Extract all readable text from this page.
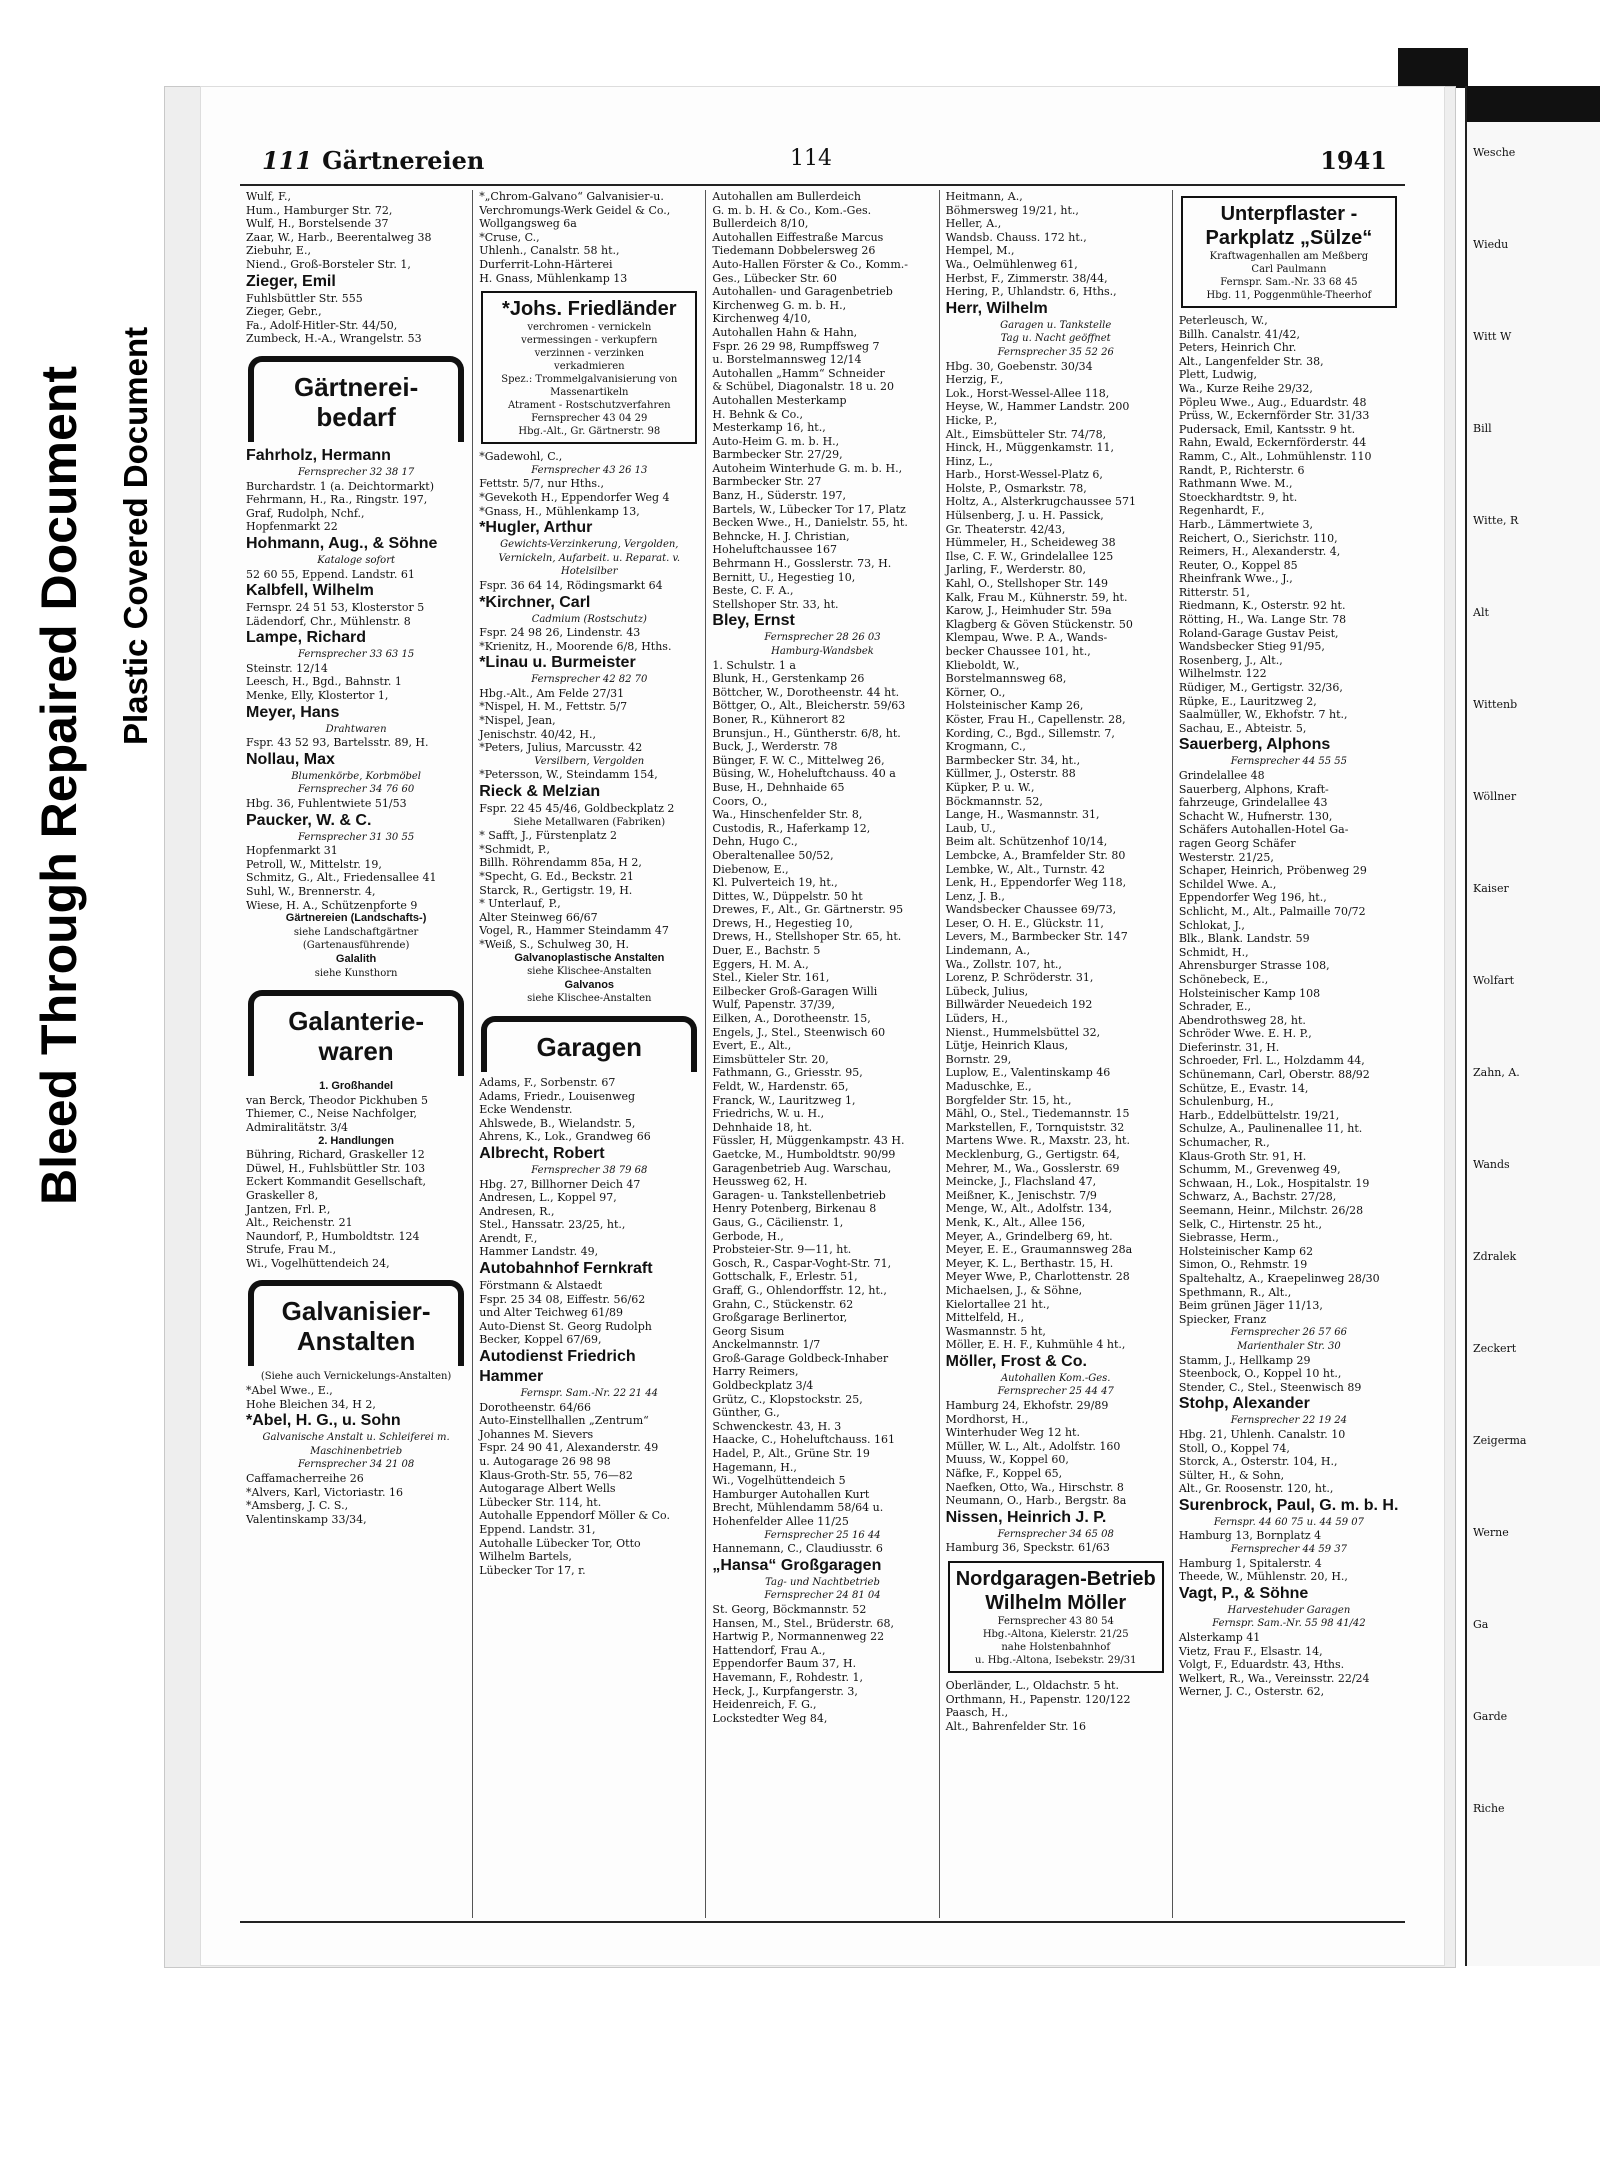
Bleed Through Repaired Document Plastic Covered Document
111 Gärtnereien	114	1941

Wulf, F.,

Hum., Hamburger Str. 72,

Wulf, H., Borstelsende 37

Zaar, W., Harb., Beerentalweg 38

Ziebuhr, E.,

Niend., Groß-Borsteler Str. 1,

Zieger, Emil

Fuhlsbüttler Str. 555

Zieger, Gebr.,

Fa., Adolf-Hitler-Str. 44/50,

Zumbeck, H.-A., Wrangelstr. 53

Gärtnerei-bedarf

Fahrholz, Hermann

Fernsprecher 32 38 17

Burchardstr. 1 (a. Deichtormarkt)

Fehrmann, H., Ra., Ringstr. 197,

Graf, Rudolph, Nchf.,

Hopfenmarkt 22

Hohmann, Aug., & Söhne

Kataloge sofort

52 60 55, Eppend. Landstr. 61

Kalbfell, Wilhelm

Fernspr. 24 51 53, Klosterstor 5

Lädendorf, Chr., Mühlenstr. 8

Lampe, Richard

Fernsprecher 33 63 15

Steinstr. 12/14

Leesch, H., Bgd., Bahnstr. 1

Menke, Elly, Klostertor 1,

Meyer, Hans

Drahtwaren

Fspr. 43 52 93, Bartelsstr. 89, H.

Nollau, Max

Blumenkörbe, Korbmöbel

Fernsprecher 34 76 60

Hbg. 36, Fuhlentwiete 51/53

Paucker, W. & C.

Fernsprecher 31 30 55

Hopfenmarkt 31

Petroll, W., Mittelstr. 19,

Schmitz, G., Alt., Friedensallee 41

Suhl, W., Brennerstr. 4,

Wiese, H. A., Schützenpforte 9

Gärtnereien (Landschafts-)

siehe Landschaftgärtner (Gartenausführende)

Galalith

siehe Kunsthorn

Galanterie-waren

1. Großhandel

van Berck, Theodor Pickhuben 5

Thiemer, C., Neise Nachfolger,

Admiralitätstr. 3/4

2. Handlungen

Bühring, Richard, Graskeller 12

Düwel, H., Fuhlsbüttler Str. 103

Eckert Kommandit Gesellschaft,

Graskeller 8,

Jantzen, Frl. P.,

Alt., Reichenstr. 21

Naundorf, P., Humboldtstr. 124

Strufe, Frau M.,

Wi., Vogelhüttendeich 24,

Galvanisier-Anstalten

(Siehe auch Vernickelungs-Anstalten)

*Abel Wwe., E.,

Hohe Bleichen 34, H 2,

*Abel, H. G., u. Sohn

Galvanische Anstalt u. Schleiferei m. Maschinenbetrieb

Fernsprecher 34 21 08

Caffamacherreihe 26

*Alvers, Karl, Victoriastr. 16

*Amsberg, J. C. S.,

Valentinskamp 33/34,

*„Chrom-Galvano“ Galvanisier-u. Verchromungs-Werk Geidel & Co., Wollgangsweg 6a

*Cruse, C.,

Uhlenh., Canalstr. 58 ht.,

Durferrit-Lohn-Härterei

H. Gnass, Mühlenkamp 13

*Johs. Friedländer
verchromen - vernickeln
vermessingen - verkupfern
verzinnen - verzinken
verkadmieren
Spez.: Trommelgalvanisierung von Massenartikeln
Atrament - Rostschutzverfahren
Fernsprecher 43 04 29
Hbg.-Alt., Gr. Gärtnerstr. 98

*Gadewohl, C.,

Fernsprecher 43 26 13

Fettstr. 5/7, nur Hths.,

*Gevekoth H., Eppendorfer Weg 4

*Gnass, H., Mühlenkamp 13,

*Hugler, Arthur

Gewichts-Verzinkerung, Vergolden, Vernickeln, Aufarbeit. u. Reparat. v. Hotelsilber

Fspr. 36 64 14, Rödingsmarkt 64

*Kirchner, Carl

Cadmium (Rostschutz)

Fspr. 24 98 26, Lindenstr. 43

*Krienitz, H., Moorende 6/8, Hths.

*Linau u. Burmeister

Fernsprecher 42 82 70

Hbg.-Alt., Am Felde 27/31

*Nispel, H. M., Fettstr. 5/7

*Nispel, Jean,

Jenischstr. 40/42, H.,

*Peters, Julius, Marcusstr. 42

Versilbern, Vergolden

*Petersson, W., Steindamm 154,

Rieck & Melzian

Fspr. 22 45 45/46, Goldbeckplatz 2

Siehe Metallwaren (Fabriken)

* Safft, J., Fürstenplatz 2

*Schmidt, P.,

Billh. Röhrendamm 85a, H 2,

*Specht, G. Ed., Beckstr. 21

Starck, R., Gertigstr. 19, H.

* Unterlauf, P.,

Alter Steinweg 66/67

Vogel, R., Hammer Steindamm 47

*Weiß, S., Schulweg 30, H.

Galvanoplastische Anstalten

siehe Klischee-Anstalten

Galvanos

siehe Klischee-Anstalten

Garagen

Adams, F., Sorbenstr. 67

Adams, Friedr., Louisenweg

Ecke Wendenstr.

Ahlswede, B., Wielandstr. 5,

Ahrens, K., Lok., Grandweg 66

Albrecht, Robert

Fernsprecher 38 79 68

Hbg. 27, Billhorner Deich 47

Andresen, L., Koppel 97,

Andresen, R.,

Stel., Hanssatr. 23/25, ht.,

Arendt, F.,

Hammer Landstr. 49,

Autobahnhof Fernkraft

Förstmann & Alstaedt

Fspr. 25 34 08, Eiffestr. 56/62

und Alter Teichweg 61/89

Auto-Dienst St. Georg Rudolph

Becker, Koppel 67/69,

Autodienst Friedrich Hammer

Fernspr. Sam.-Nr. 22 21 44

Dorotheenstr. 64/66

Auto-Einstellhallen „Zentrum“

Johannes M. Sievers

Fspr. 24 90 41, Alexanderstr. 49

u. Autogarage 26 98 98

Klaus-Groth-Str. 55, 76—82

Autogarage Albert Wells

Lübecker Str. 114, ht.

Autohalle Eppendorf Möller & Co.

Eppend. Landstr. 31,

Autohalle Lübecker Tor, Otto

Wilhelm Bartels,

Lübecker Tor 17, r.

Autohallen am Bullerdeich

G. m. b. H. & Co., Kom.-Ges.

Bullerdeich 8/10,

Autohallen Eiffestraße Marcus

Tiedemann Dobbelersweg 26

Auto-Hallen Förster & Co., Komm.-Ges., Lübecker Str. 60

Autohallen- und Garagenbetrieb

Kirchenweg G. m. b. H.,

Kirchenweg 4/10,

Autohallen Hahn & Hahn,

Fspr. 26 29 98, Rumpffsweg 7

u. Borstelmannsweg 12/14

Autohallen „Hamm“ Schneider

& Schübel, Diagonalstr. 18 u. 20

Autohallen Mesterkamp

H. Behnk & Co.,

Mesterkamp 16, ht.,

Auto-Heim G. m. b. H.,

Barmbecker Str. 27/29,

Autoheim Winterhude G. m. b. H.,

Barmbecker Str. 27

Banz, H., Süderstr. 197,

Bartels, W., Lübecker Tor 17, Platz

Becken Wwe., H., Danielstr. 55, ht.

Behncke, H. J. Christian,

Hoheluftchaussee 167

Behrmann H., Gosslerstr. 73, H.

Bernitt, U., Hegestieg 10,

Beste, C. F. A.,

Stellshoper Str. 33, ht.

Bley, Ernst

Fernsprecher 28 26 03

Hamburg-Wandsbek

1. Schulstr. 1 a

Blunk, H., Gerstenkamp 26

Böttcher, W., Dorotheenstr. 44 ht.

Böttger, O., Alt., Bleicherstr. 59/63

Boner, R., Kühnerort 82

Brunsjun., H., Güntherstr. 6/8, ht.

Buck, J., Werderstr. 78

Bünger, F. W. C., Mittelweg 26,

Büsing, W., Hoheluftchauss. 40 a

Buse, H., Dehnhaide 65

Coors, O.,

Wa., Hinschenfelder Str. 8,

Custodis, R., Haferkamp 12,

Dehn, Hugo C.,

Oberaltenallee 50/52,

Diebenow, E.,

Kl. Pulverteich 19, ht.,

Dittes, W., Düppelstr. 50 ht

Drewes, F., Alt., Gr. Gärtnerstr. 95

Drews, H., Hegestieg 10,

Drews, H., Stellshoper Str. 65, ht.

Duer, E., Bachstr. 5

Eggers, H. M. A.,

Stel., Kieler Str. 161,

Eilbecker Groß-Garagen Willi

Wulf, Papenstr. 37/39,

Eilken, A., Dorotheenstr. 15,

Engels, J., Stel., Steenwisch 60

Evert, E., Alt.,

Eimsbütteler Str. 20,

Fathmann, G., Griesstr. 95,

Feldt, W., Hardenstr. 65,

Franck, W., Lauritzweg 1,

Friedrichs, W. u. H.,

Dehnhaide 18, ht.

Füssler, H, Müggenkampstr. 43 H.

Gaetcke, M., Humboldtstr. 90/99

Garagenbetrieb Aug. Warschau,

Heussweg 62, H.

Garagen- u. Tankstellenbetrieb

Henry Potenberg, Birkenau 8

Gaus, G., Cäcilienstr. 1,

Gerbode, H.,

Probsteier-Str. 9—11, ht.

Gosch, R., Caspar-Voght-Str. 71,

Gottschalk, F., Erlestr. 51,

Graff, G., Ohlendorffstr. 12, ht.,

Grahn, C., Stückenstr. 62

Großgarage Berlinertor,

Georg Sisum

Anckelmannstr. 1/7

Groß-Garage Goldbeck-Inhaber

Harry Reimers,

Goldbeckplatz 3/4

Grütz, C., Klopstockstr. 25,

Günther, G.,

Schwenckestr. 43, H. 3

Haacke, C., Hoheluftchauss. 161

Hadel, P., Alt., Grüne Str. 19

Hagemann, H.,

Wi., Vogelhüttendeich 5

Hamburger Autohallen Kurt

Brecht, Mühlendamm 58/64 u.

Hohenfelder Allee 11/25

Fernsprecher 25 16 44

Hannemann, C., Claudiusstr. 6

„Hansa“ Großgaragen

Tag- und Nachtbetrieb

Fernsprecher 24 81 04

St. Georg, Böckmannstr. 52

Hansen, M., Stel., Brüderstr. 68,

Hartwig P., Normannenweg 22

Hattendorf, Frau A.,

Eppendorfer Baum 37, H.

Havemann, F., Rohdestr. 1,

Heck, J., Kurpfangerstr. 3,

Heidenreich, F. G.,

Lockstedter Weg 84,

Heitmann, A.,

Böhmersweg 19/21, ht.,

Heller, A.,

Wandsb. Chauss. 172 ht.,

Hempel, M.,

Wa., Oelmühlenweg 61,

Herbst, F., Zimmerstr. 38/44,

Hering, P., Uhlandstr. 6, Hths.,

Herr, Wilhelm

Garagen u. Tankstelle

Tag u. Nacht geöffnet

Fernsprecher 35 52 26

Hbg. 30, Goebenstr. 30/34

Herzig, F.,

Lok., Horst-Wessel-Allee 118,

Heyse, W., Hammer Landstr. 200

Hicke, P.,

Alt., Eimsbütteler Str. 74/78,

Hinck, H., Müggenkamstr. 11,

Hinz, L.,

Harb., Horst-Wessel-Platz 6,

Holste, P., Osmarkstr. 78,

Holtz, A., Alsterkrugchaussee 571

Hülsenberg, J. u. H. Passick,

Gr. Theaterstr. 42/43,

Hümmeler, H., Scheideweg 38

Ilse, C. F. W., Grindelallee 125

Jarling, F., Werderstr. 80,

Kahl, O., Stellshoper Str. 149

Kalk, Frau M., Kühnerstr. 59, ht.

Karow, J., Heimhuder Str. 59a

Klagberg & Göven Stückenstr. 50

Klempau, Wwe. P. A., Wands-

becker Chaussee 101, ht.,

Klieboldt, W.,

Borstelmannsweg 68,

Körner, O.,

Holsteinischer Kamp 26,

Köster, Frau H., Capellenstr. 28,

Kording, C., Bgd., Sillemstr. 7,

Krogmann, C.,

Barmbecker Str. 34, ht.,

Küllmer, J., Osterstr. 88

Küpker, P. u. W.,

Böckmannstr. 52,

Lange, H., Wasmannstr. 31,

Laub, U.,

Beim alt. Schützenhof 10/14,

Lembcke, A., Bramfelder Str. 80

Lembke, W., Alt., Turnstr. 42

Lenk, H., Eppendorfer Weg 118,

Lenz, J. B.,

Wandsbecker Chaussee 69/73,

Leser, O. H. E., Glückstr. 11,

Levers, M., Barmbecker Str. 147

Lindemann, A.,

Wa., Zollstr. 107, ht.,

Lorenz, P. Schröderstr. 31,

Lübeck, Julius,

Billwärder Neuedeich 192

Lüders, H.,

Nienst., Hummelsbüttel 32,

Lütje, Heinrich Klaus,

Bornstr. 29,

Luplow, E., Valentinskamp 46

Maduschke, E.,

Borgfelder Str. 15, ht.,

Mähl, O., Stel., Tiedemannstr. 15

Markstellen, F., Tornquiststr. 32

Martens Wwe. R., Maxstr. 23, ht.

Mecklenburg, G., Gertigstr. 64,

Mehrer, M., Wa., Gosslerstr. 69

Meincke, J., Flachsland 47,

Meißner, K., Jenischstr. 7/9

Menge, W., Alt., Adolfstr. 134,

Menk, K., Alt., Allee 156,

Meyer, A., Grindelberg 69, ht.

Meyer, E. E., Graumannsweg 28a

Meyer, K. L., Berthastr. 15, H.

Meyer Wwe, P., Charlottenstr. 28

Michaelsen, J., & Söhne,

Kielortallee 21 ht.,

Mittelfeld, H.,

Wasmannstr. 5 ht,

Möller, E. H. F., Kuhmühle 4 ht.,

Möller, Frost & Co.

Autohallen Kom.-Ges.

Fernsprecher 25 44 47

Hamburg 24, Ekhofstr. 29/89

Mordhorst, H.,

Winterhuder Weg 12 ht.

Müller, W. L., Alt., Adolfstr. 160

Muuss, W., Koppel 60,

Näfke, F., Koppel 65,

Naefken, Otto, Wa., Hirschstr. 8

Neumann, O., Harb., Bergstr. 8a

Nissen, Heinrich J. P.

Fernsprecher 34 65 08

Hamburg 36, Speckstr. 61/63

Nordgaragen-Betrieb Wilhelm Möller
Fernsprecher 43 80 54
Hbg.-Altona, Kielerstr. 21/25
nahe Holstenbahnhof
u. Hbg.-Altona, Isebekstr. 29/31

Oberländer, L., Oldachstr. 5 ht.

Orthmann, H., Papenstr. 120/122

Paasch, H.,

Alt., Bahrenfelder Str. 16

Unterpflaster - Parkplatz „Sülze“
Kraftwagenhallen am Meßberg
Carl Paulmann
Fernspr. Sam.-Nr. 33 68 45
Hbg. 11, Poggenmühle-Theerhof

Peterleusch, W.,

Billh. Canalstr. 41/42,

Peters, Heinrich Chr.

Alt., Langenfelder Str. 38,

Plett, Ludwig,

Wa., Kurze Reihe 29/32,

Pöpleu Wwe., Aug., Eduardstr. 48

Prüss, W., Eckernförder Str. 31/33

Pudersack, Emil, Kantsstr. 9 ht.

Rahn, Ewald, Eckernförderstr. 44

Ramm, C., Alt., Lohmühlenstr. 110

Randt, P., Richterstr. 6

Rathmann Wwe. M.,

Stoeckhardtstr. 9, ht.

Regenhardt, F.,

Harb., Lämmertwiete 3,

Reichert, O., Sierichstr. 110,

Reimers, H., Alexanderstr. 4,

Reuter, O., Koppel 85

Rheinfrank Wwe., J.,

Ritterstr. 51,

Riedmann, K., Osterstr. 92 ht.

Rötting, H., Wa. Lange Str. 78

Roland-Garage Gustav Peist,

Wandsbecker Stieg 91/95,

Rosenberg, J., Alt.,

Wilhelmstr. 122

Rüdiger, M., Gertigstr. 32/36,

Rüpke, E., Lauritzweg 2,

Saalmüller, W., Ekhofstr. 7 ht.,

Sachau, E., Abteistr. 5,

Sauerberg, Alphons

Fernsprecher 44 55 55

Grindelallee 48

Sauerberg, Alphons, Kraft-

fahrzeuge, Grindelallee 43

Schacht W., Hufnerstr. 130,

Schäfers Autohallen-Hotel Ga-

ragen Georg Schäfer

Westerstr. 21/25,

Schaper, Heinrich, Pröbenweg 29

Schildel Wwe. A.,

Eppendorfer Weg 196, ht.,

Schlicht, M., Alt., Palmaille 70/72

Schlokat, J.,

Blk., Blank. Landstr. 59

Schmidt, H.,

Ahrensburger Strasse 108,

Schönebeck, E.,

Holsteinischer Kamp 108

Schrader, E.,

Abendrothsweg 28, ht.

Schröder Wwe. E. H. P.,

Dieferinstr. 31, H.

Schroeder, Frl. L., Holzdamm 44,

Schünemann, Carl, Oberstr. 88/92

Schütze, E., Evastr. 14,

Schulenburg, H.,

Harb., Eddelbüttelstr. 19/21,

Schulze, A., Paulinenallee 11, ht.

Schumacher, R.,

Klaus-Groth Str. 91, H.

Schumm, M., Grevenweg 49,

Schwaan, H., Lok., Hospitalstr. 19

Schwarz, A., Bachstr. 27/28,

Seemann, Heinr., Milchstr. 26/28

Selk, C., Hirtenstr. 25 ht.,

Siebrasse, Herm.,

Holsteinischer Kamp 62

Simon, O., Rehmstr. 19

Spaltehaltz, A., Kraepelinweg 28/30

Spethmann, R., Alt.,

Beim grünen Jäger 11/13,

Spiecker, Franz

Fernsprecher 26 57 66

Marienthaler Str. 30

Stamm, J., Hellkamp 29

Steenbock, O., Koppel 10 ht.,

Stender, C., Stel., Steenwisch 89

Stohp, Alexander

Fernsprecher 22 19 24

Hbg. 21, Uhlenh. Canalstr. 10

Stoll, O., Koppel 74,

Storck, A., Osterstr. 104, H.,

Sülter, H., & Sohn,

Alt., Gr. Roosenstr. 120, ht.,

Surenbrock, Paul, G. m. b. H.

Fernspr. 44 60 75 u. 44 59 07

Hamburg 13, Bornplatz 4

Fernsprecher 44 59 37

Hamburg 1, Spitalerstr. 4

Theede, W., Mühlenstr. 20, H.,

Vagt, P., & Söhne

Harvestehuder Garagen

Fernspr. Sam.-Nr. 55 98 41/42

Alsterkamp 41

Vietz, Frau F., Elsastr. 14,

Volgt, F., Eduardstr. 43, Hths.

Welkert, R., Wa., Vereinsstr. 22/24

Werner, J. C., Osterstr. 62,

Wesche
Wiedu
Witt W
Bill
Witte, R
Alt
Wittenb
Wöllner
Kaiser
Wolfart
Zahn, A.
Wands
Zdralek
Zeckert
Zeigerma
Werne
Ga
Garde
Riche
